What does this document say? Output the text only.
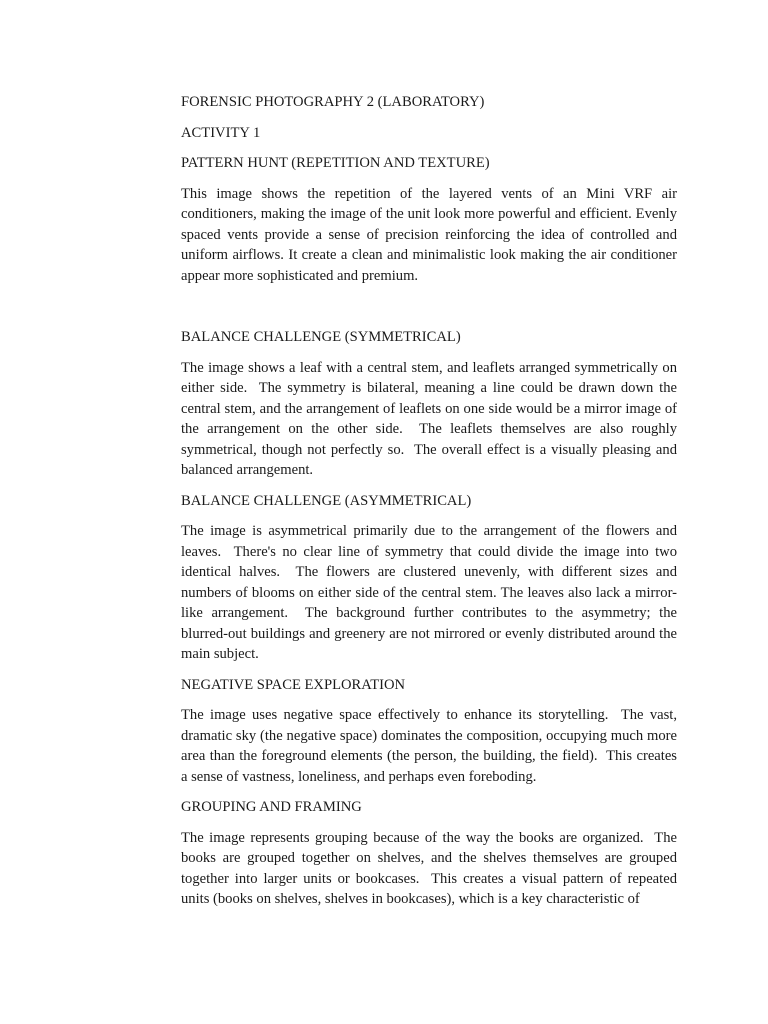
FORENSIC PHOTOGRAPHY 2 (LABORATORY)

ACTIVITY 1

PATTERN HUNT (REPETITION AND TEXTURE)

This image shows the repetition of the layered vents of an Mini VRF air conditioners, making the image of the unit look more powerful and efficient. Evenly spaced vents provide a sense of precision reinforcing the idea of controlled and uniform airflows. It create a clean and minimalistic look making the air conditioner appear more sophisticated and premium.

BALANCE CHALLENGE (SYMMETRICAL)

The image shows a leaf with a central stem, and leaflets arranged symmetrically on either side.  The symmetry is bilateral, meaning a line could be drawn down the central stem, and the arrangement of leaflets on one side would be a mirror image of the arrangement on the other side.  The leaflets themselves are also roughly symmetrical, though not perfectly so.  The overall effect is a visually pleasing and balanced arrangement.

BALANCE CHALLENGE (ASYMMETRICAL)

The image is asymmetrical primarily due to the arrangement of the flowers and leaves.  There's no clear line of symmetry that could divide the image into two identical halves.  The flowers are clustered unevenly, with different sizes and numbers of blooms on either side of the central stem. The leaves also lack a mirror-like arrangement.  The background further contributes to the asymmetry; the blurred-out buildings and greenery are not mirrored or evenly distributed around the main subject.

NEGATIVE SPACE EXPLORATION

The image uses negative space effectively to enhance its storytelling.  The vast, dramatic sky (the negative space) dominates the composition, occupying much more area than the foreground elements (the person, the building, the field).  This creates a sense of vastness, loneliness, and perhaps even foreboding.

GROUPING AND FRAMING

The image represents grouping because of the way the books are organized.  The books are grouped together on shelves, and the shelves themselves are grouped together into larger units or bookcases.  This creates a visual pattern of repeated units (books on shelves, shelves in bookcases), which is a key characteristic of
